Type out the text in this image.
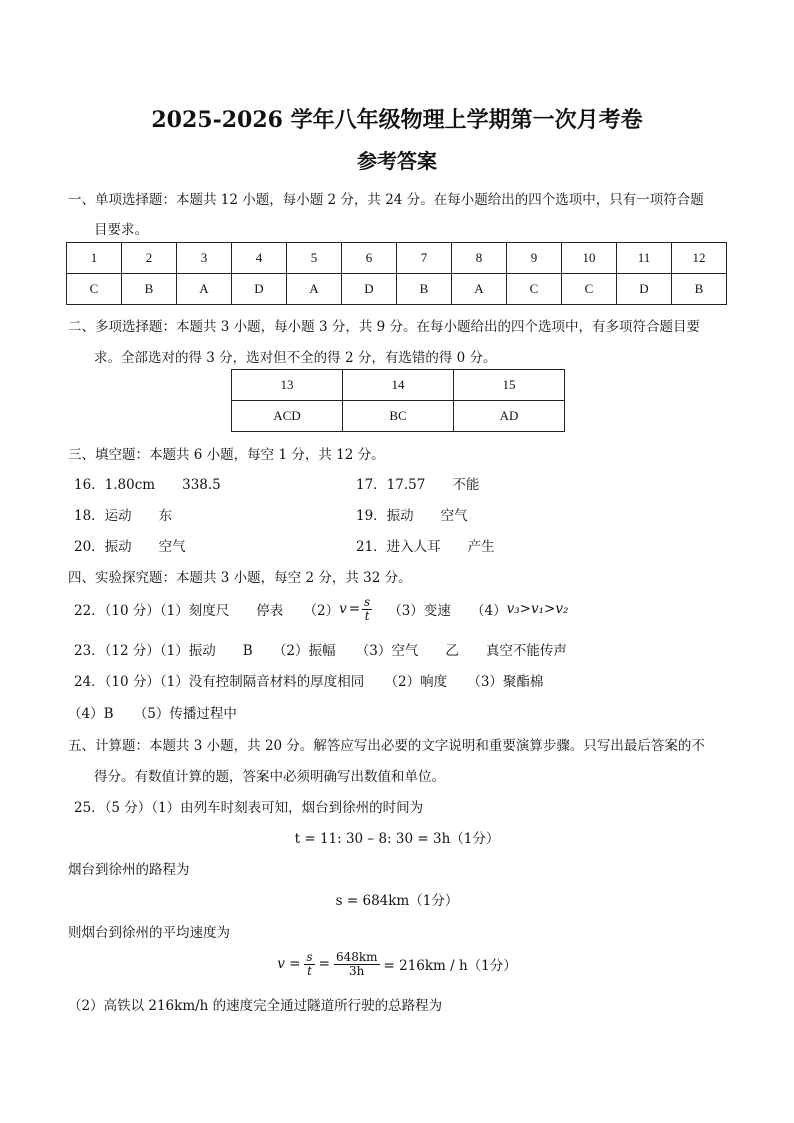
2025-2026 学年八年级物理上学期第一次月考卷
参考答案
一、单项选择题：本题共 12 小题，每小题 2 分，共 24 分。在每小题给出的四个选项中，只有一项符合题
目要求。
1	2	3	4	5	6	7	8	9	10	11	12
C	B	A	D	A	D	B	A	C	C	D	B
二、多项选择题：本题共 3 小题，每小题 3 分，共 9 分。在每小题给出的四个选项中，有多项符合题目要
求。全部选对的得 3 分，选对但不全的得 2 分，有选错的得 0 分。
13	14	15
ACD	BC	AD
三、填空题：本题共 6 小题，每空 1 分，共 12 分。
16．1.80cm　　338.5	17．17.57　　不能
18．运动　　东	19．振动　　空气
20．振动　　空气	21．进入人耳　　产生
四、实验探究题：本题共 3 小题，每空 2 分，共 32 分。
22．（10 分）（1）刻度尺　　停表　　（2） $v = \frac{s}{t} (3)$变速　　（4） v₃>v₁>v₂
23．（12 分）（1）振动　　B　　（2）振幅　　（3）空气　　乙　　真空不能传声
24．（10 分）（1）没有控制隔音材料的厚度相同　　（2）响度　　（3）聚酯棉
（4）B　　（5）传播过程中
五、计算题：本题共 3 小题，共 20 分。解答应写出必要的文字说明和重要演算步骤。只写出最后答案的不
得分。有数值计算的题，答案中必须明确写出数值和单位。
25．（5 分）（1）由列车时刻表可知，烟台到徐州的时间为
t = 11: 30 – 8: 30 = 3h（1分）
烟台到徐州的路程为
s = 684km（1分）
则烟台到徐州的平均速度为
$v = \frac{s}{t} = \frac{648km}{3h} = 216km / h(1$分）
（2）高铁以 216km/h 的速度完全通过隧道所行驶的总路程为
